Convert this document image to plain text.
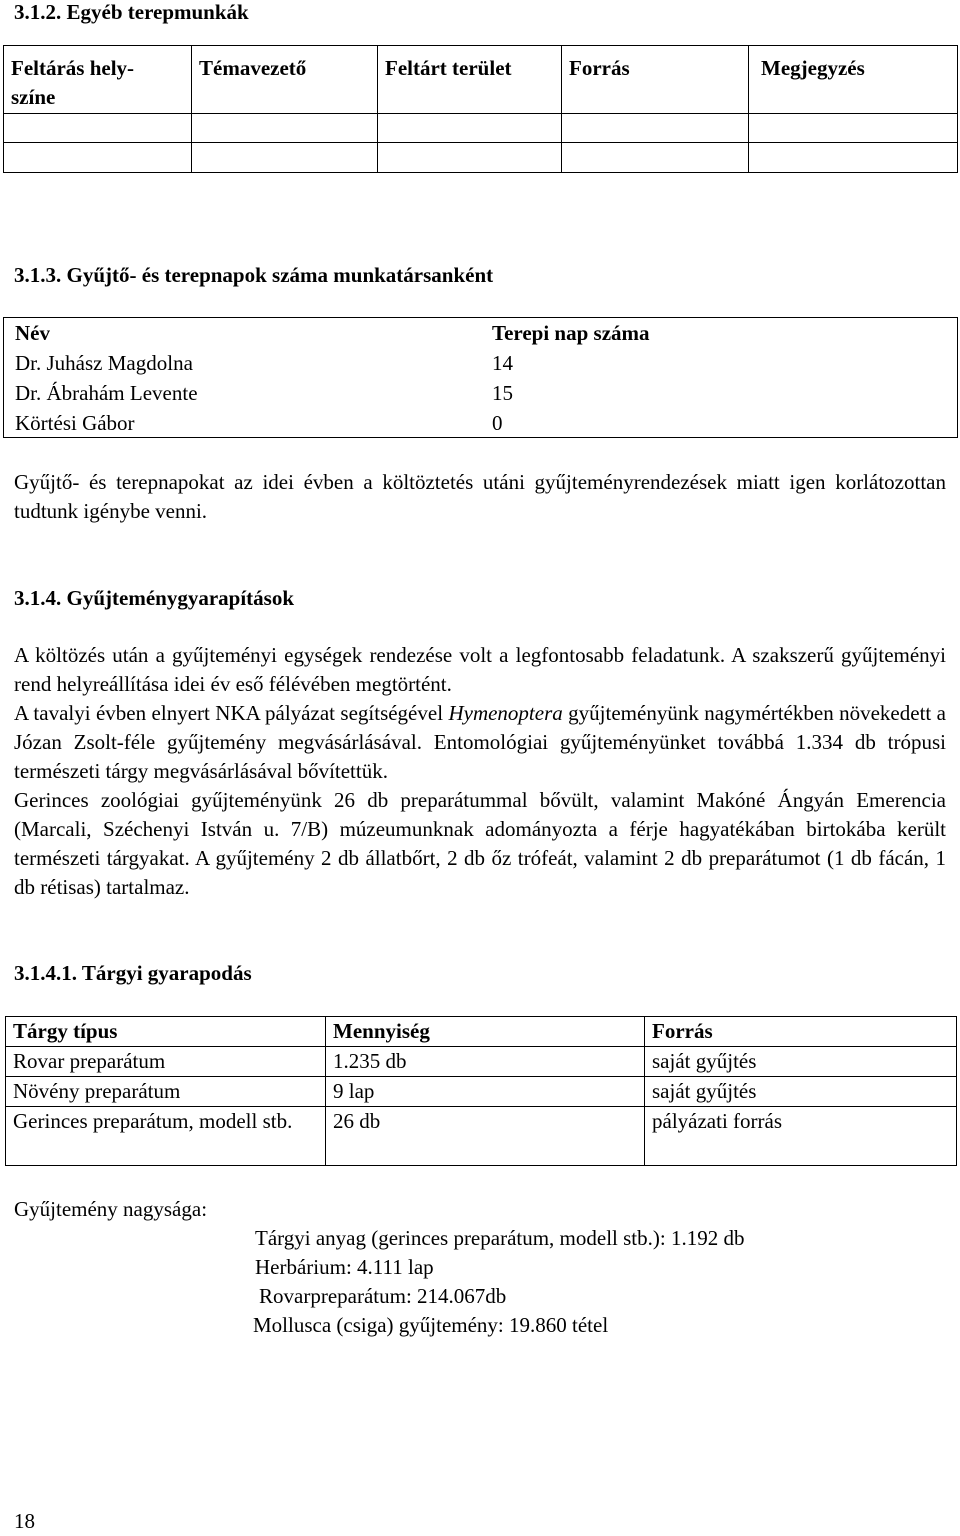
3.1.2. Egyéb terepmunkák
Feltárás hely-
színe	Témavezető	Feltárt terület	Forrás	Megjegyzés

3.1.3. Gyűjtő- és terepnapok száma munkatársanként
Név	Terepi nap száma
Dr. Juhász Magdolna	14
Dr. Ábrahám Levente	15
Körtési Gábor	0
Gyűjtő- és terepnapokat az idei évben a költöztetés utáni gyűjteményrendezések miatt igen korlátozottan tudtunk igénybe venni.
3.1.4. Gyűjteménygyarapítások
A költözés után a gyűjteményi egységek rendezése volt a legfontosabb feladatunk. A szakszerű gyűjteményi rend helyreállítása idei év eső félévében megtörtént.
A tavalyi évben elnyert NKA pályázat segítségével Hymenoptera gyűjteményünk nagymértékben növekedett a Józan Zsolt-féle gyűjtemény megvásárlásával. Entomológiai gyűjteményünket továbbá 1.334 db trópusi természeti tárgy megvásárlásával bővítettük.
Gerinces zoológiai gyűjteményünk 26 db preparátummal bővült, valamint Makóné Ángyán Emerencia (Marcali, Széchenyi István u. 7/B) múzeumunknak adományozta a férje hagyatékában birtokába került természeti tárgyakat. A gyűjtemény 2 db állatbőrt, 2 db őz trófeát, valamint 2 db preparátumot (1 db fácán, 1 db rétisas) tartalmaz.
3.1.4.1. Tárgyi gyarapodás
Tárgy típus	Mennyiség	Forrás
Rovar preparátum	1.235 db	saját gyűjtés
Növény preparátum	9 lap	saját gyűjtés
Gerinces preparátum, modell stb.	26 db	pályázati forrás
Gyűjtemény nagysága:
Tárgyi anyag (gerinces preparátum, modell stb.): 1.192 db
Herbárium: 4.111 lap
Rovarpreparátum: 214.067db
Mollusca (csiga) gyűjtemény: 19.860 tétel
18
